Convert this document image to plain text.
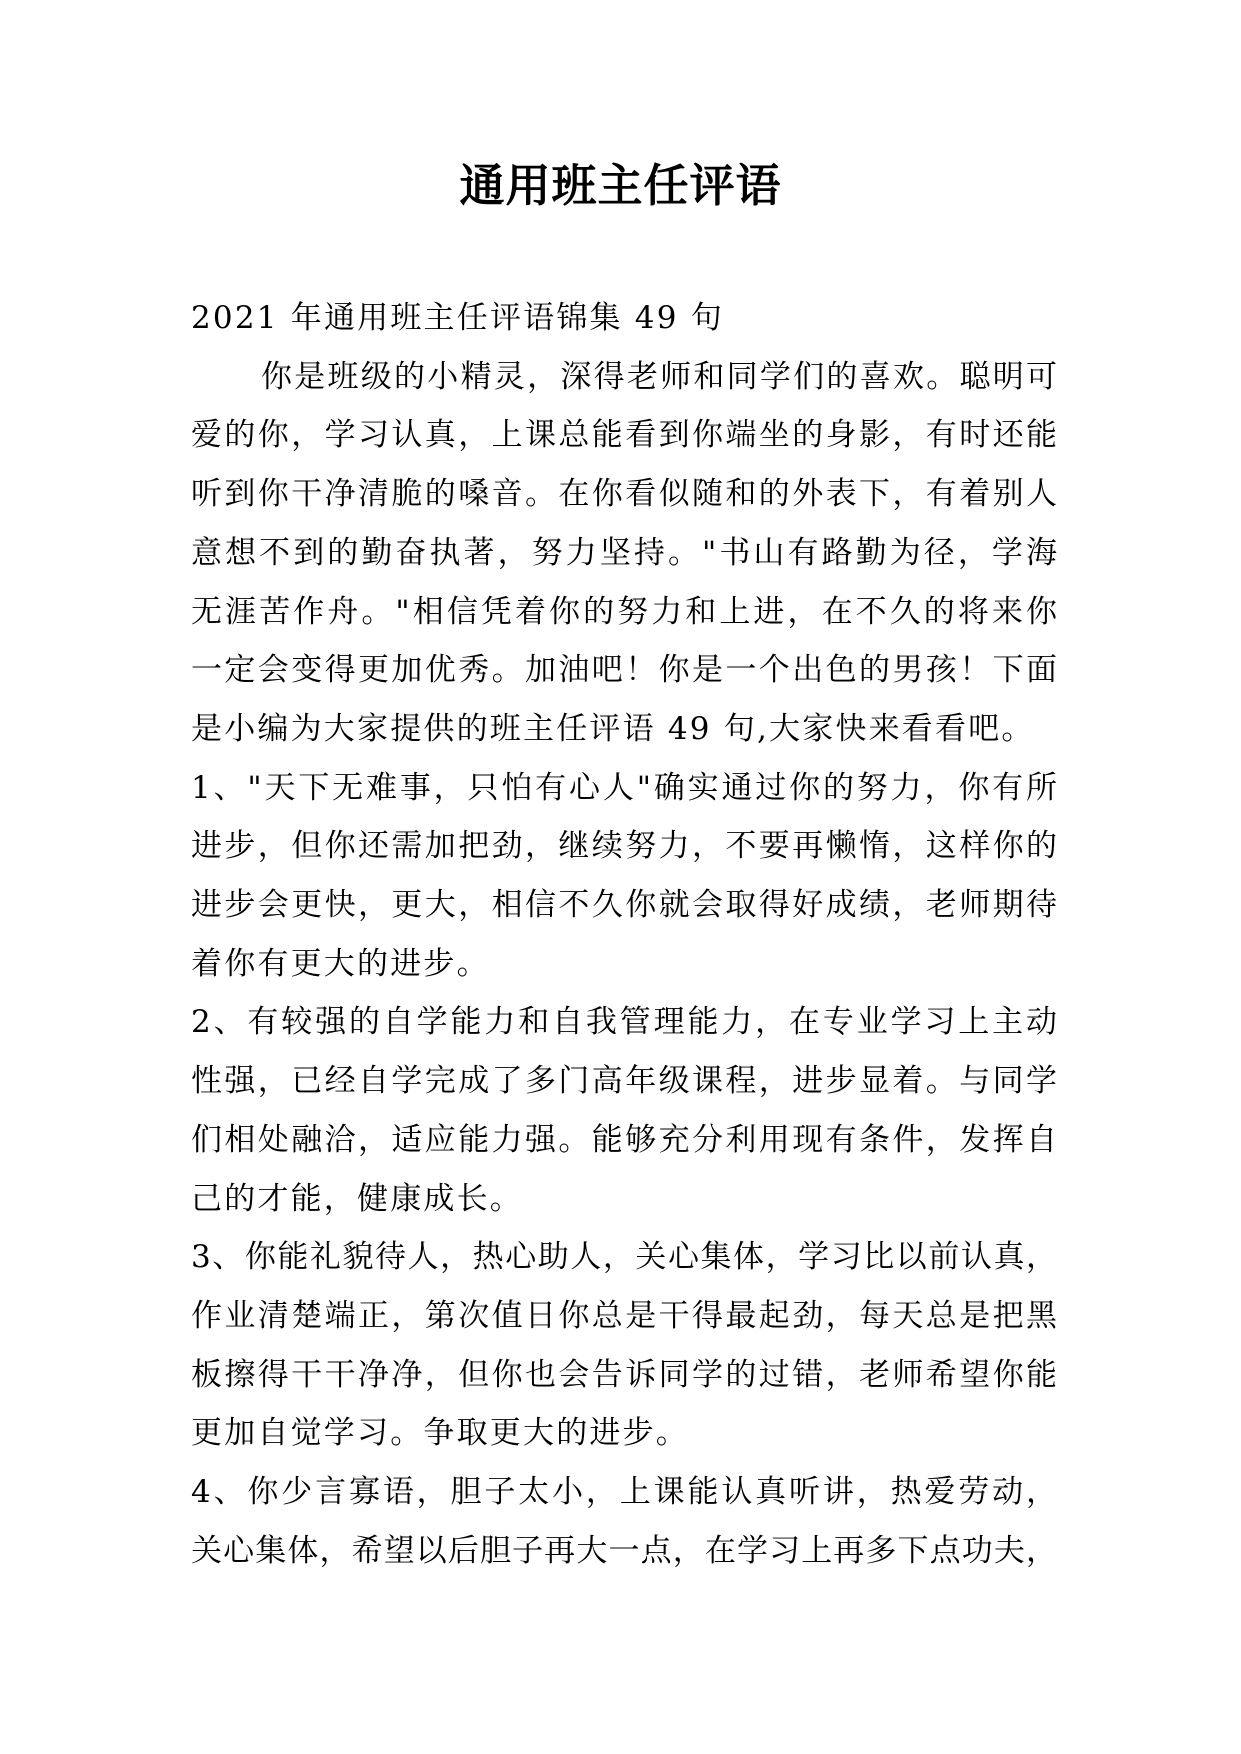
通用班主任评语
2021 年通用班主任评语锦集 49 句
你是班级的小精灵，深得老师和同学们的喜欢。聪明可
爱的你，学习认真，上课总能看到你端坐的身影，有时还能
听到你干净清脆的嗓音。在你看似随和的外表下，有着别人
意想不到的勤奋执著，努力坚持。"书山有路勤为径，学海
无涯苦作舟。"相信凭着你的努力和上进，在不久的将来你
一定会变得更加优秀。加油吧！你是一个出色的男孩！下面
是小编为大家提供的班主任评语 49 句,大家快来看看吧。
1、"天下无难事，只怕有心人"确实通过你的努力，你有所
进步，但你还需加把劲，继续努力，不要再懒惰，这样你的
进步会更快，更大，相信不久你就会取得好成绩，老师期待
着你有更大的进步。
2、有较强的自学能力和自我管理能力，在专业学习上主动
性强，已经自学完成了多门高年级课程，进步显着。与同学
们相处融洽，适应能力强。能够充分利用现有条件，发挥自
己的才能，健康成长。
3、你能礼貌待人，热心助人，关心集体，学习比以前认真，
作业清楚端正，第次值日你总是干得最起劲，每天总是把黑
板擦得干干净净，但你也会告诉同学的过错，老师希望你能
更加自觉学习。争取更大的进步。
4、你少言寡语，胆子太小，上课能认真听讲，热爱劳动，
关心集体，希望以后胆子再大一点，在学习上再多下点功夫，
